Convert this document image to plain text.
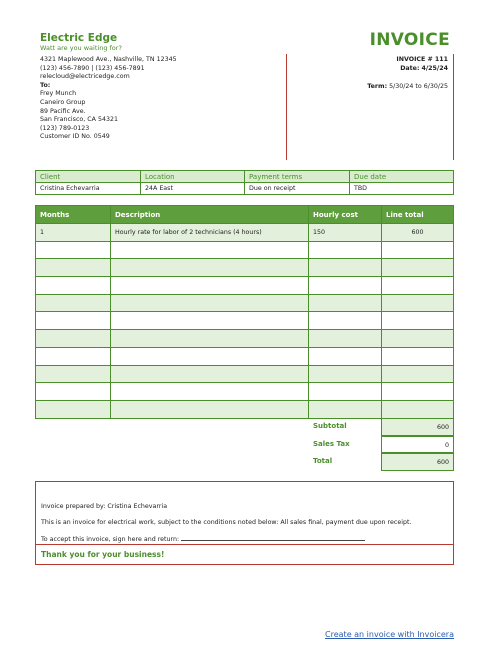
Electric Edge
Watt are you waiting for?	INVOICE
4321 Maplewood Ave., Nashville, TN 12345
(123) 456-7890 | (123) 456-7891
relecloud@electricedge.com
To:
Frey Munch
Caneiro Group
89 Pacific Ave.
San Francisco, CA 54321
(123) 789-0123
Customer ID No. 0549
INVOICE # 111
Date: 4/25/24
Term: 5/30/24 to 6/30/25
Client	Location	Payment terms	Due date
Cristina Echevarria	24A East	Due on receipt	TBD
Months	Description	Hourly cost	Line total
1	Hourly rate for labor of 2 technicians (4 hours)	150	600

Subtotal	600
Sales Tax	0
Total	600
Invoice prepared by: Cristina Echevarria
This is an invoice for electrical work, subject to the conditions noted below: All sales final, payment due upon receipt.
To accept this invoice, sign here and return:
Thank you for your business!
Create an invoice with Invoicera
